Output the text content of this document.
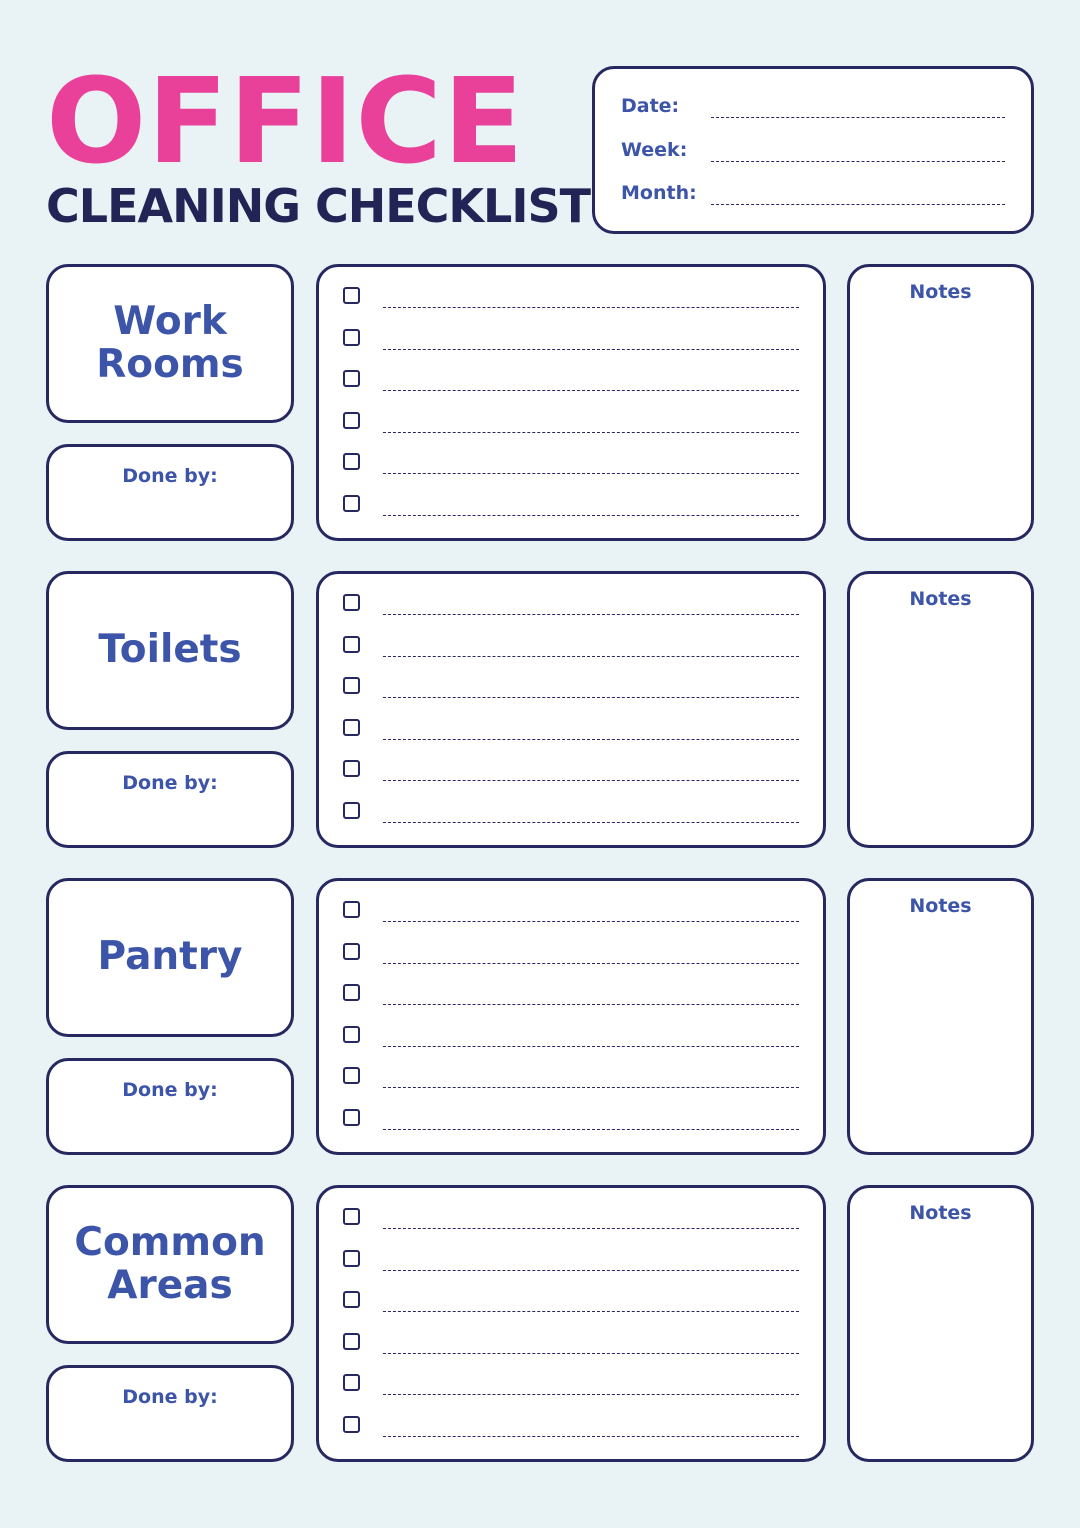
OFFICE
CLEANING CHECKLIST
Date:
Week:
Month:
Work
Rooms
Done by:
Notes
Toilets
Done by:
Notes
Pantry
Done by:
Notes
Common
Areas
Done by:
Notes
